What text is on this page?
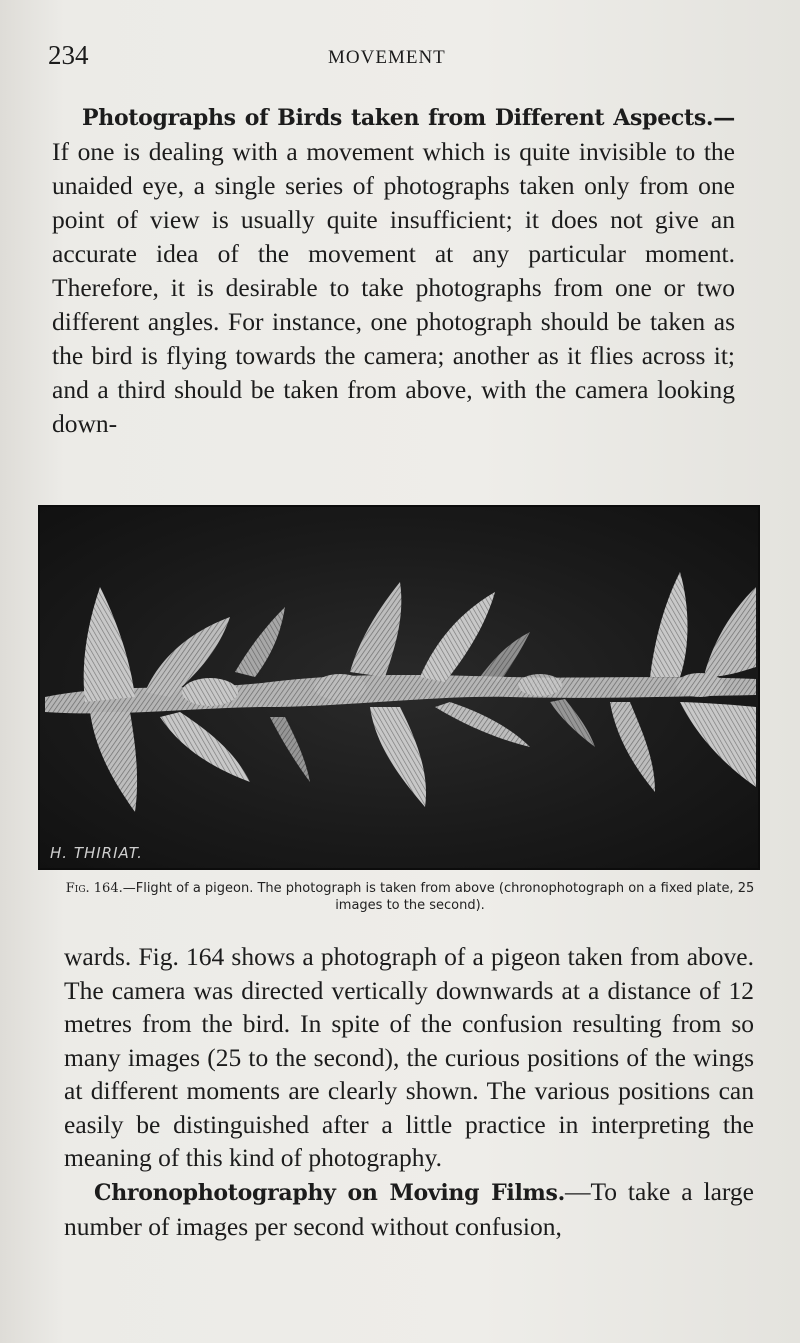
234	MOVEMENT

Photographs of Birds taken from Different Aspects.— If one is dealing with a movement which is quite invisible to the unaided eye, a single series of photographs taken only from one point of view is usually quite insufficient; it does not give an accurate idea of the movement at any particular moment. Therefore, it is desirable to take photographs from one or two different angles. For instance, one photograph should be taken as the bird is flying towards the camera; another as it flies across it; and a third should be taken from above, with the camera looking down-

H. THIRIAT.
Fig. 164.—Flight of a pigeon. The photograph is taken from above (chronophotograph on a fixed plate, 25 images to the second).
wards. Fig. 164 shows a photograph of a pigeon taken from above. The camera was directed vertically downwards at a distance of 12 metres from the bird. In spite of the confusion resulting from so many images (25 to the second), the curious positions of the wings at different moments are clearly shown. The various positions can easily be distinguished after a little practice in interpreting the meaning of this kind of photography.
Chronophotography on Moving Films.—To take a large number of images per second without confusion,
